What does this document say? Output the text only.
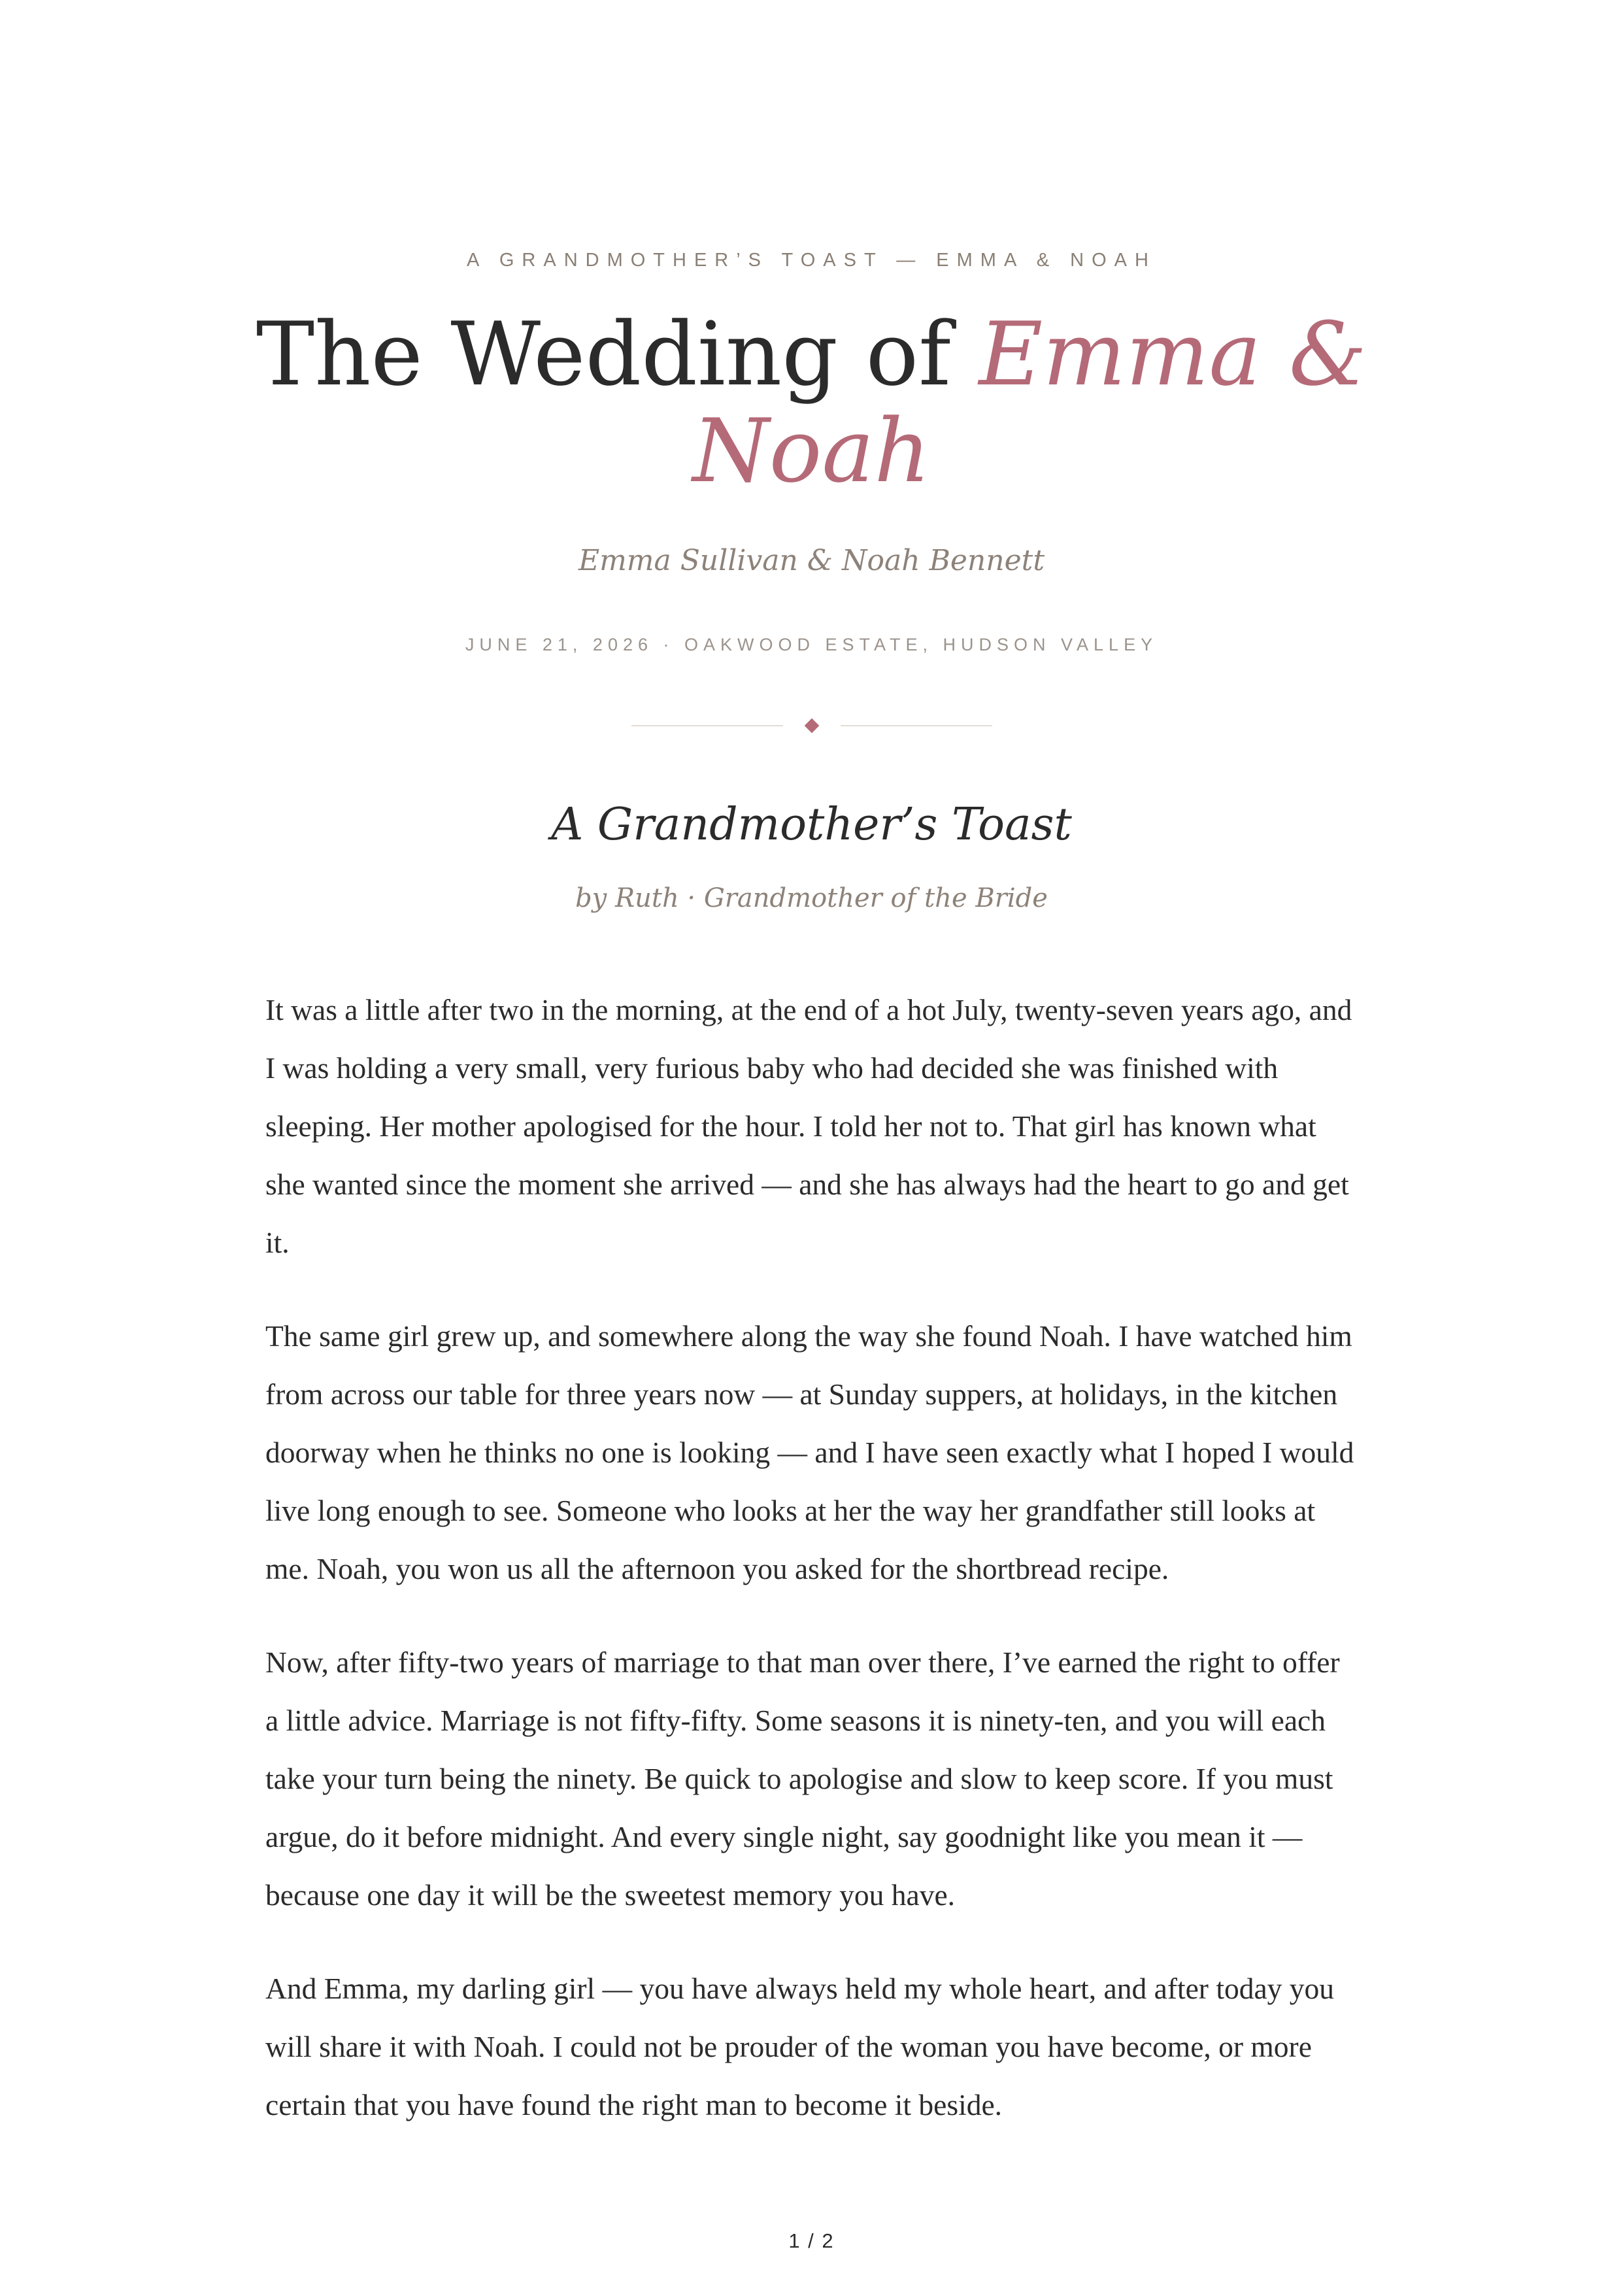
A GRANDMOTHER’S TOAST — EMMA & NOAH
The Wedding of Emma & Noah
Emma Sullivan & Noah Bennett
JUNE 21, 2026 · OAKWOOD ESTATE, HUDSON VALLEY
A Grandmother’s Toast
by Ruth · Grandmother of the Bride

It was a little after two in the morning, at the end of a hot July, twenty-seven years ago, and I was holding a very small, very furious baby who had decided she was finished with sleeping. Her mother apologised for the hour. I told her not to. That girl has known what she wanted since the moment she arrived — and she has always had the heart to go and get it.

The same girl grew up, and somewhere along the way she found Noah. I have watched him from across our table for three years now — at Sunday suppers, at holidays, in the kitchen doorway when he thinks no one is looking — and I have seen exactly what I hoped I would live long enough to see. Someone who looks at her the way her grandfather still looks at me. Noah, you won us all the afternoon you asked for the shortbread recipe.

Now, after fifty-two years of marriage to that man over there, I’ve earned the right to offer a little advice. Marriage is not fifty-fifty. Some seasons it is ninety-ten, and you will each take your turn being the ninety. Be quick to apologise and slow to keep score. If you must argue, do it before midnight. And every single night, say goodnight like you mean it — because one day it will be the sweetest memory you have.

And Emma, my darling girl — you have always held my whole heart, and after today you will share it with Noah. I could not be prouder of the woman you have become, or more certain that you have found the right man to become it beside.

1 / 2
